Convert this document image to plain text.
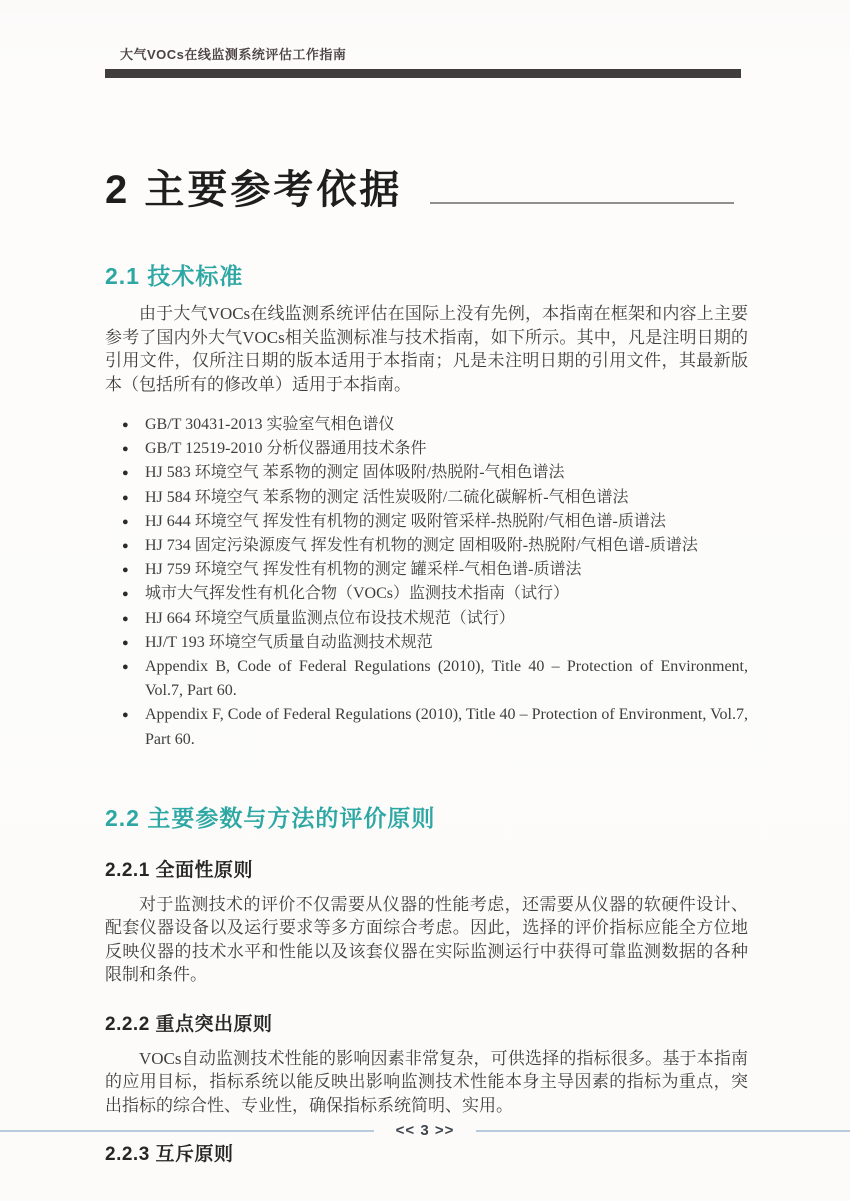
大气VOCs在线监测系统评估工作指南
2 主要参考依据
2.1 技术标准

由于大气VOCs在线监测系统评估在国际上没有先例，本指南在框架和内容上主要参考了国内外大气VOCs相关监测标准与技术指南，如下所示。其中，凡是注明日期的引用文件，仅所注日期的版本适用于本指南；凡是未注明日期的引用文件，其最新版本（包括所有的修改单）适用于本指南。

● GB/T 30431-2013 实验室气相色谱仪
● GB/T 12519-2010 分析仪器通用技术条件
● HJ 583 环境空气 苯系物的测定 固体吸附/热脱附-气相色谱法
● HJ 584 环境空气 苯系物的测定 活性炭吸附/二硫化碳解析-气相色谱法
● HJ 644 环境空气 挥发性有机物的测定 吸附管采样-热脱附/气相色谱-质谱法
● HJ 734 固定污染源废气 挥发性有机物的测定 固相吸附-热脱附/气相色谱-质谱法
● HJ 759 环境空气 挥发性有机物的测定 罐采样-气相色谱-质谱法
● 城市大气挥发性有机化合物（VOCs）监测技术指南（试行）
● HJ 664 环境空气质量监测点位布设技术规范（试行）
● HJ/T 193 环境空气质量自动监测技术规范
● Appendix B, Code of Federal Regulations (2010), Title 40 – Protection of Environment, Vol.7, Part 60.
● Appendix F, Code of Federal Regulations (2010), Title 40 – Protection of Environment, Vol.7, Part 60.
2.2 主要参数与方法的评价原则
2.2.1 全面性原则

对于监测技术的评价不仅需要从仪器的性能考虑，还需要从仪器的软硬件设计、配套仪器设备以及运行要求等多方面综合考虑。因此，选择的评价指标应能全方位地反映仪器的技术水平和性能以及该套仪器在实际监测运行中获得可靠监测数据的各种限制和条件。

2.2.2 重点突出原则

VOCs自动监测技术性能的影响因素非常复杂，可供选择的指标很多。基于本指南的应用目标，指标系统以能反映出影响监测技术性能本身主导因素的指标为重点，突出指标的综合性、专业性，确保指标系统简明、实用。

2.2.3 互斥原则
<< 3 >>
